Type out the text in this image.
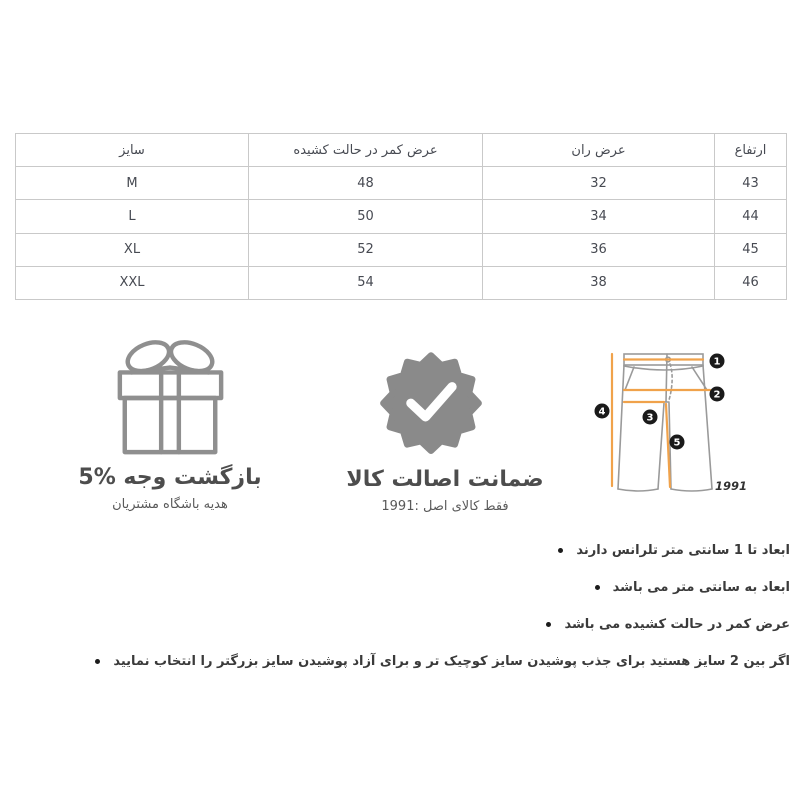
سایز	عرض کمر در حالت کشیده	عرض ران	ارتفاع
M	48	32	43
L	50	34	44
XL	52	36	45
XXL	54	38	46
5% بازگشت وجه
هدیه باشگاه مشتریان
ضمانت اصالت کالا
1991: فقط کالای اصل
1
2
3
4
5
1991
ابعاد تا 1 سانتی متر تلرانس دارند
ابعاد به سانتی متر می باشد
عرض کمر در حالت کشیده می باشد
اگر بین 2 سایز هستید برای جذب پوشیدن سایز کوچیک تر و برای آزاد پوشیدن سایز بزرگتر را انتخاب نمایید
